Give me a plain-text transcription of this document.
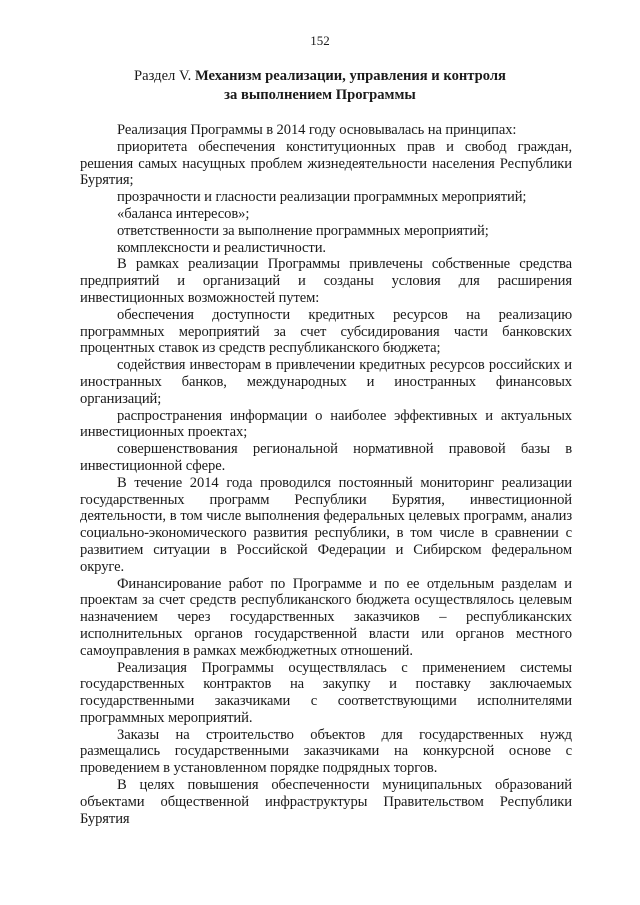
152
Раздел V. Механизм реализации, управления и контроля
за выполнением Программы

Реализация Программы в 2014 году основывалась на принципах:

приоритета обеспечения конституционных прав и свобод граждан, решения самых насущных проблем жизнедеятельности населения Республики Бурятия;

прозрачности и гласности реализации программных мероприятий;

«баланса интересов»;

ответственности за выполнение программных мероприятий;

комплексности и реалистичности.

В рамках реализации Программы привлечены собственные средства предприятий и организаций и созданы условия для расширения инвестиционных возможностей путем:

обеспечения доступности кредитных ресурсов на реализацию программных мероприятий за счет субсидирования части банковских процентных ставок из средств республиканского бюджета;

содействия инвесторам в привлечении кредитных ресурсов российских и иностранных банков, международных и иностранных финансовых организаций;

распространения информации о наиболее эффективных и актуальных инвестиционных проектах;

совершенствования региональной нормативной правовой базы в инвестиционной сфере.

В течение 2014 года проводился постоянный мониторинг реализации государственных программ Республики Бурятия, инвестиционной деятельности, в том числе выполнения федеральных целевых программ, анализ социально-экономического развития республики, в том числе в сравнении с развитием ситуации в Российской Федерации и Сибирском федеральном округе.

Финансирование работ по Программе и по ее отдельным разделам и проектам за счет средств республиканского бюджета осуществлялось целевым назначением через государственных заказчиков – республиканских исполнительных органов государственной власти или органов местного самоуправления в рамках межбюджетных отношений.

Реализация Программы осуществлялась с применением системы государственных контрактов на закупку и поставку заключаемых государственными заказчиками с соответствующими исполнителями программных мероприятий.

Заказы на строительство объектов для государственных нужд размещались государственными заказчиками на конкурсной основе с проведением в установленном порядке подрядных торгов.

В целях повышения обеспеченности муниципальных образований объектами общественной инфраструктуры Правительством Республики Бурятия
